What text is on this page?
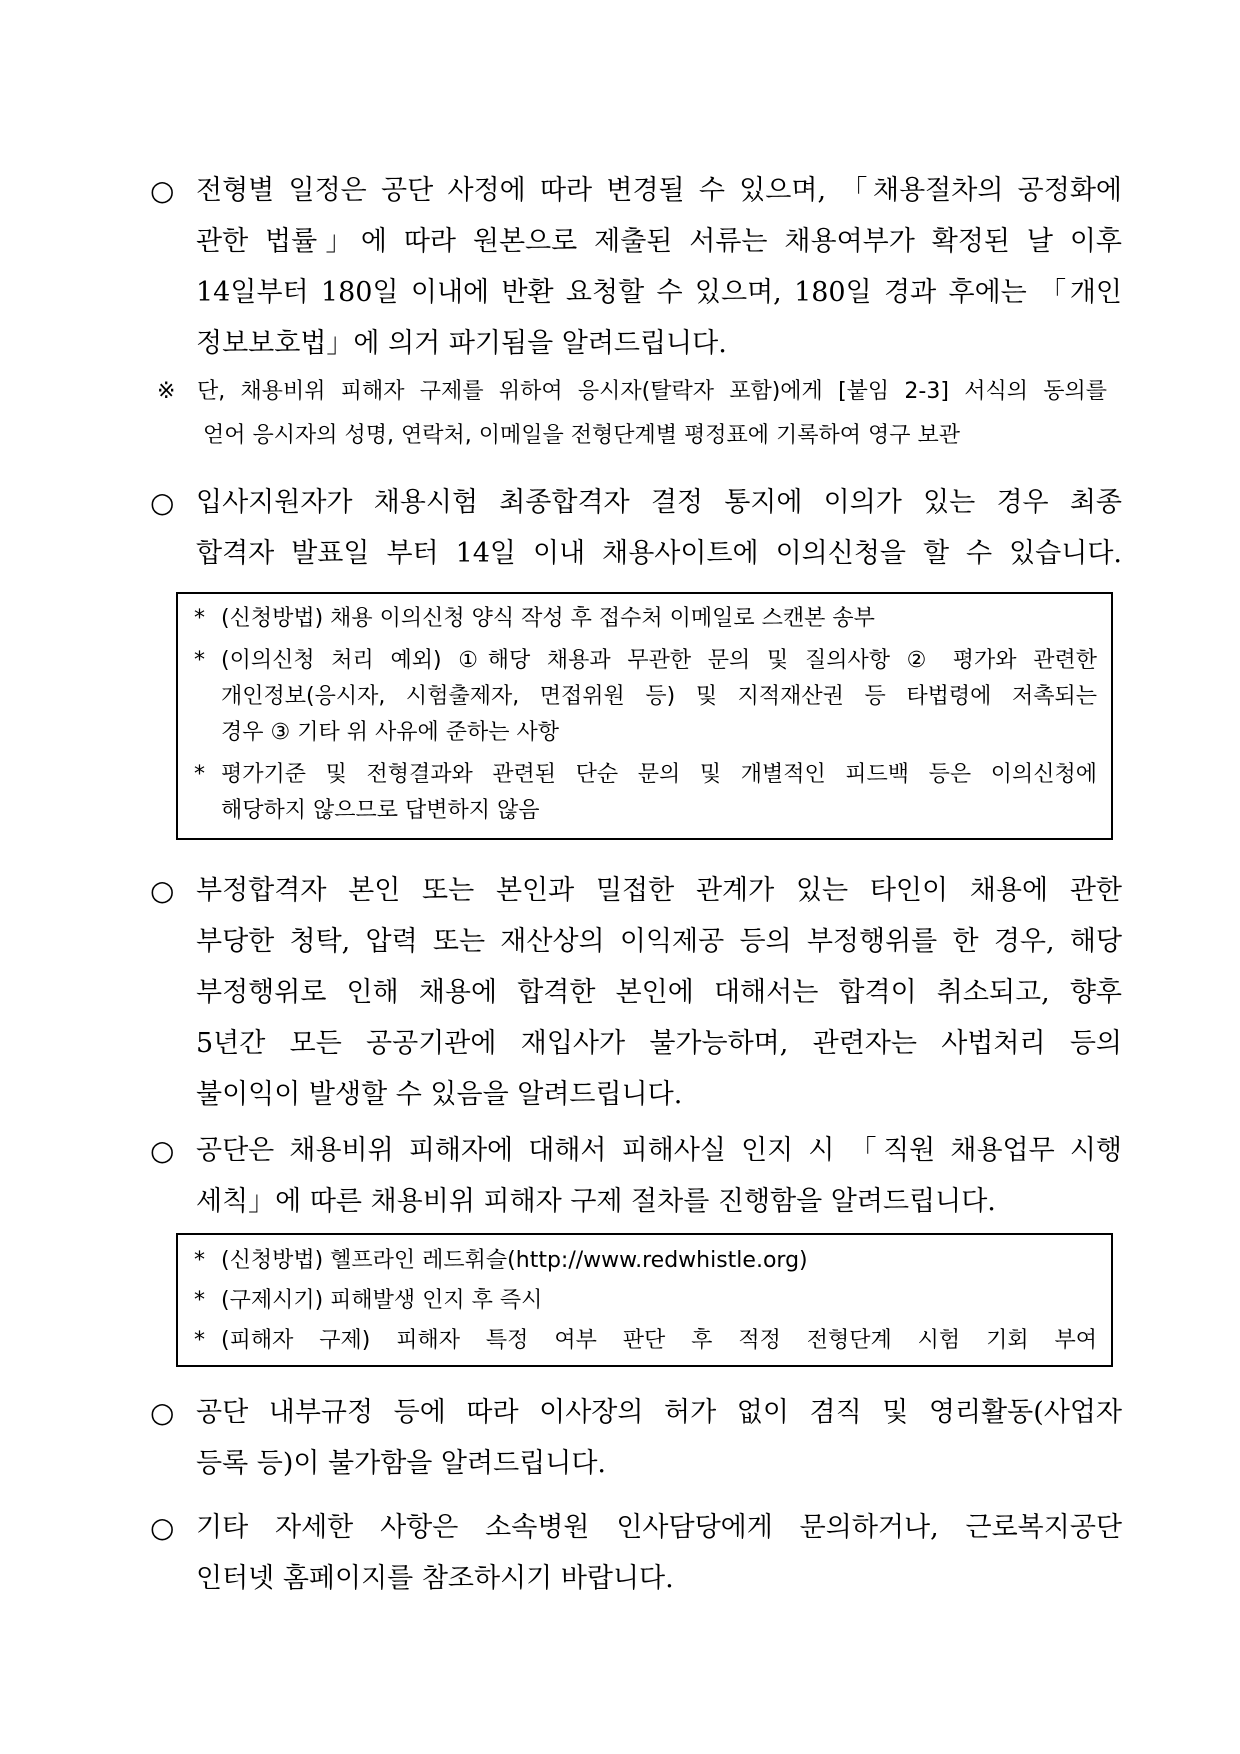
○ 전형별 일정은 공단 사정에 따라 변경될 수 있으며, 「채용절차의 공정화에
관한 법률」에 따라 원본으로 제출된 서류는 채용여부가 확정된 날 이후
14일부터 180일 이내에 반환 요청할 수 있으며, 180일 경과 후에는 「개인
정보보호법」에 의거 파기됨을 알려드립니다.
※ 단, 채용비위 피해자 구제를 위하여 응시자(탈락자 포함)에게 [붙임 2-3] 서식의 동의를
얻어 응시자의 성명, 연락처, 이메일을 전형단계별 평정표에 기록하여 영구 보관
○ 입사지원자가 채용시험 최종합격자 결정 통지에 이의가 있는 경우 최종
합격자 발표일 부터 14일 이내 채용사이트에 이의신청을 할 수 있습니다.
* (신청방법) 채용 이의신청 양식 작성 후 접수처 이메일로 스캔본 송부
* (이의신청 처리 예외) ①해당 채용과 무관한 문의 및 질의사항 ② 평가와 관련한
개인정보(응시자, 시험출제자, 면접위원 등) 및 지적재산권 등 타법령에 저촉되는
경우 ③ 기타 위 사유에 준하는 사항
* 평가기준 및 전형결과와 관련된 단순 문의 및 개별적인 피드백 등은 이의신청에
해당하지 않으므로 답변하지 않음
○ 부정합격자 본인 또는 본인과 밀접한 관계가 있는 타인이 채용에 관한
부당한 청탁, 압력 또는 재산상의 이익제공 등의 부정행위를 한 경우, 해당
부정행위로 인해 채용에 합격한 본인에 대해서는 합격이 취소되고, 향후
5년간 모든 공공기관에 재입사가 불가능하며, 관련자는 사법처리 등의
불이익이 발생할 수 있음을 알려드립니다.
○ 공단은 채용비위 피해자에 대해서 피해사실 인지 시 「직원 채용업무 시행
세칙」에 따른 채용비위 피해자 구제 절차를 진행함을 알려드립니다.
* (신청방법) 헬프라인 레드휘슬(http://www.redwhistle.org)
* (구제시기) 피해발생 인지 후 즉시
* (피해자 구제) 피해자 특정 여부 판단 후 적정 전형단계 시험 기회 부여
○ 공단 내부규정 등에 따라 이사장의 허가 없이 겸직 및 영리활동(사업자
등록 등)이 불가함을 알려드립니다.
○ 기타 자세한 사항은 소속병원 인사담당에게 문의하거나, 근로복지공단
인터넷 홈페이지를 참조하시기 바랍니다.
